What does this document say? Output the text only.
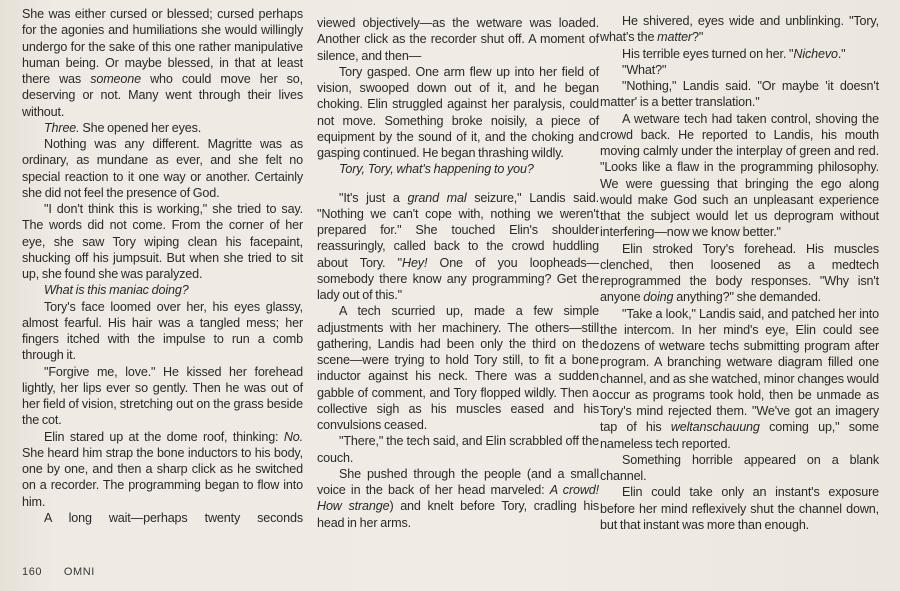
She was either cursed or blessed; cursed perhaps for the agonies and humiliations she would willingly undergo for the sake of this one rather manipulative human being. Or maybe blessed, in that at least there was someone who could move her so, deserving or not. Many went through their lives without.

Three. She opened her eyes.

Nothing was any different. Magritte was as ordinary, as mundane as ever, and she felt no special reaction to it one way or another. Certainly she did not feel the presence of God.

"I don't think this is working," she tried to say. The words did not come. From the corner of her eye, she saw Tory wiping clean his facepaint, shucking off his jumpsuit. But when she tried to sit up, she found she was paralyzed.

What is this maniac doing?

Tory's face loomed over her, his eyes glassy, almost fearful. His hair was a tangled mess; her fingers itched with the impulse to run a comb through it.

"Forgive me, love." He kissed her forehead lightly, her lips ever so gently. Then he was out of her field of vision, stretching out on the grass beside the cot.

Elin stared up at the dome roof, thinking: No. She heard him strap the bone inductors to his body, one by one, and then a sharp click as he switched on a recorder. The programming began to flow into him.

A long wait—perhaps twenty seconds

viewed objectively—as the wetware was loaded. Another click as the recorder shut off. A moment of silence, and then—

Tory gasped. One arm flew up into her field of vision, swooped down out of it, and he began choking. Elin struggled against her paralysis, could not move. Something broke noisily, a piece of equipment by the sound of it, and the choking and gasping continued. He began thrashing wildly.

Tory, Tory, what's happening to you?

"It's just a grand mal seizure," Landis said. "Nothing we can't cope with, nothing we weren't prepared for." She touched Elin's shoulder reassuringly, called back to the crowd huddling about Tory. "Hey! One of you loopheads—somebody there know any programming? Get the lady out of this."

A tech scurried up, made a few simple adjustments with her machinery. The others—still gathering, Landis had been only the third on the scene—were trying to hold Tory still, to fit a bone inductor against his neck. There was a sudden gabble of comment, and Tory flopped wildly. Then a collective sigh as his muscles eased and his convulsions ceased.

"There," the tech said, and Elin scrabbled off the couch.

She pushed through the people (and a small voice in the back of her head marveled: A crowd! How strange) and knelt before Tory, cradling his head in her arms.

He shivered, eyes wide and unblinking. "Tory, what's the matter?"

His terrible eyes turned on her. "Nichevo."

"What?"

"Nothing," Landis said. "Or maybe 'it doesn't matter' is a better translation."

A wetware tech had taken control, shoving the crowd back. He reported to Landis, his mouth moving calmly under the interplay of green and red. "Looks like a flaw in the programming philosophy. We were guessing that bringing the ego along would make God such an unpleasant experience that the subject would let us deprogram without interfering—now we know better."

Elin stroked Tory's forehead. His muscles clenched, then loosened as a medtech reprogrammed the body responses. "Why isn't anyone doing anything?" she demanded.

"Take a look," Landis said, and patched her into the intercom. In her mind's eye, Elin could see dozens of wetware techs submitting program after program. A branching wetware diagram filled one channel, and as she watched, minor changes would occur as programs took hold, then be unmade as Tory's mind rejected them. "We've got an imagery tap of his weltanschauung coming up," some nameless tech reported.

Something horrible appeared on a blank channel.

Elin could take only an instant's exposure before her mind reflexively shut the channel down, but that instant was more than enough.

160 OMNI
